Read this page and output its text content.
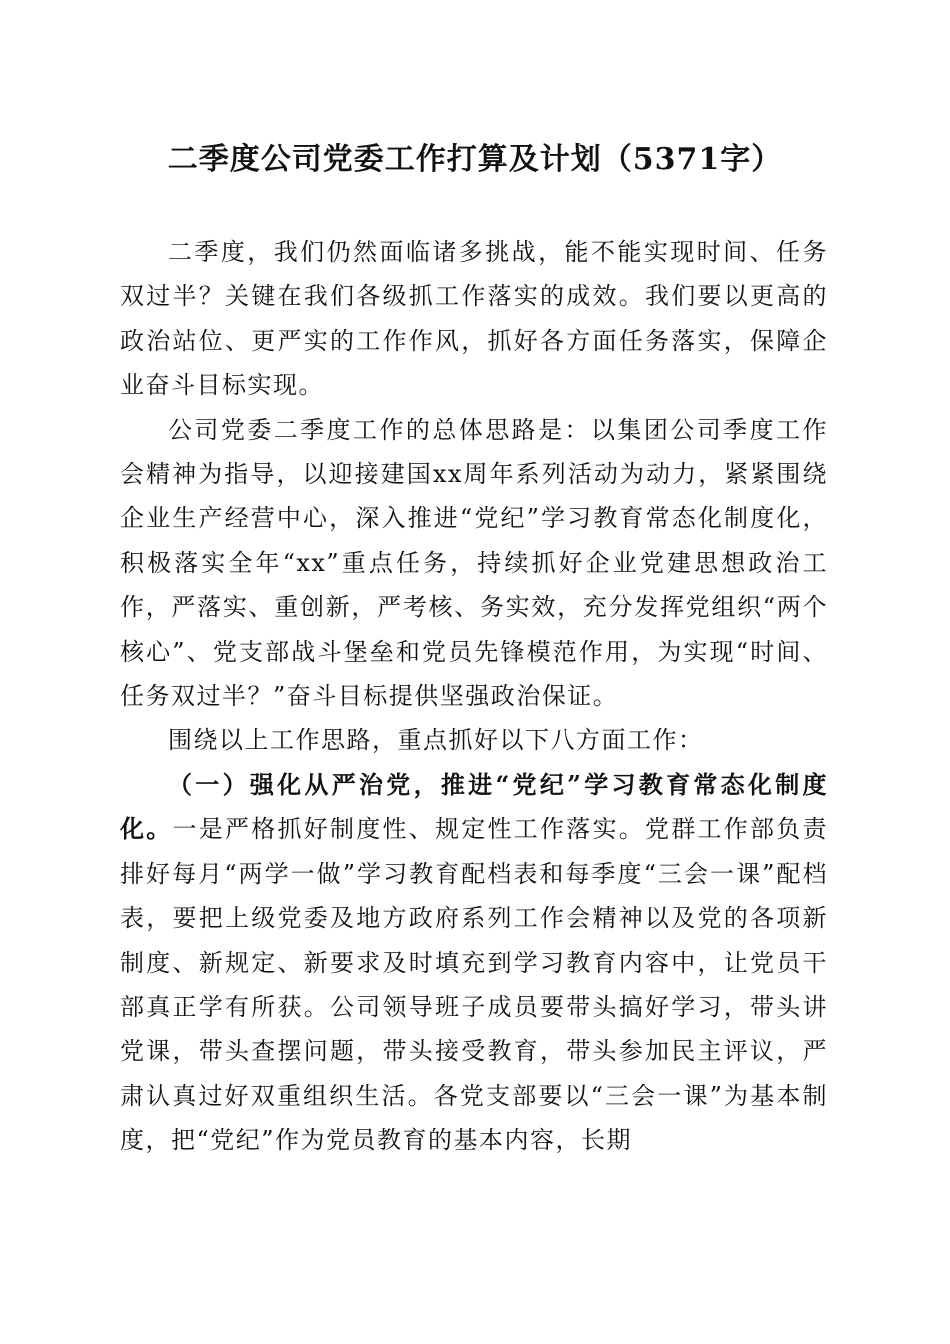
二季度公司党委工作打算及计划（5371字）

二季度，我们仍然面临诸多挑战，能不能实现时间、任务双过半？关键在我们各级抓工作落实的成效。我们要以更高的政治站位、更严实的工作作风，抓好各方面任务落实，保障企业奋斗目标实现。

公司党委二季度工作的总体思路是：以集团公司季度工作会精神为指导，以迎接建国xx周年系列活动为动力，紧紧围绕企业生产经营中心，深入推进“党纪”学习教育常态化制度化，积极落实全年“xx”重点任务，持续抓好企业党建思想政治工作，严落实、重创新，严考核、务实效，充分发挥党组织“两个核心”、党支部战斗堡垒和党员先锋模范作用，为实现“时间、任务双过半？”奋斗目标提供坚强政治保证。

围绕以上工作思路，重点抓好以下八方面工作：

（一）强化从严治党，推进“党纪”学习教育常态化制度化。一是严格抓好制度性、规定性工作落实。党群工作部负责排好每月“两学一做”学习教育配档表和每季度“三会一课”配档表，要把上级党委及地方政府系列工作会精神以及党的各项新制度、新规定、新要求及时填充到学习教育内容中，让党员干部真正学有所获。公司领导班子成员要带头搞好学习，带头讲党课，带头查摆问题，带头接受教育，带头参加民主评议，严肃认真过好双重组织生活。各党支部要以“三会一课”为基本制度，把“党纪”作为党员教育的基本内容，长期
